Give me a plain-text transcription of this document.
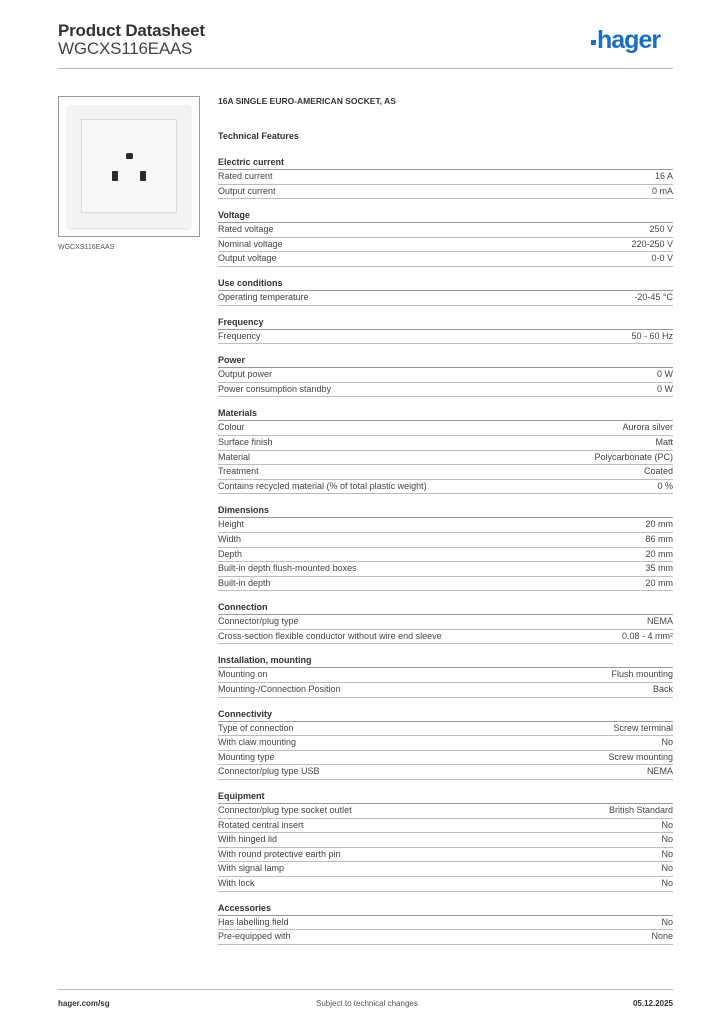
Product Datasheet
WGCXS116EAAS	hager
WGCXS116EAAS
16A SINGLE EURO-AMERICAN SOCKET, AS
Technical Features
Electric current
Rated current	16 A
Output current	0 mA
Voltage
Rated voltage	250 V
Nominal voltage	220-250 V
Output voltage	0-0 V
Use conditions
Operating temperature	-20-45 °C
Frequency
Frequency	50 - 60 Hz
Power
Output power	0 W
Power consumption standby	0 W
Materials
Colour	Aurora silver
Surface finish	Matt
Material	Polycarbonate (PC)
Treatment	Coated
Contains recycled material (% of total plastic weight)	0 %
Dimensions
Height	20 mm
Width	86 mm
Depth	20 mm
Built-in depth flush-mounted boxes	35 mm
Built-in depth	20 mm
Connection
Connector/plug type	NEMA
Cross-section flexible conductor without wire end sleeve	0.08 - 4 mm²
Installation, mounting
Mounting on	Flush mounting
Mounting-/Connection Position	Back
Connectivity
Type of connection	Screw terminal
With claw mounting	No
Mounting type	Screw mounting
Connector/plug type USB	NEMA
Equipment
Connector/plug type socket outlet	British Standard
Rotated central insert	No
With hinged lid	No
With round protective earth pin	No
With signal lamp	No
With lock	No
Accessories
Has labelling field	No
Pre-equipped with	None
hager.com/sg	Subject to technical changes	05.12.2025
